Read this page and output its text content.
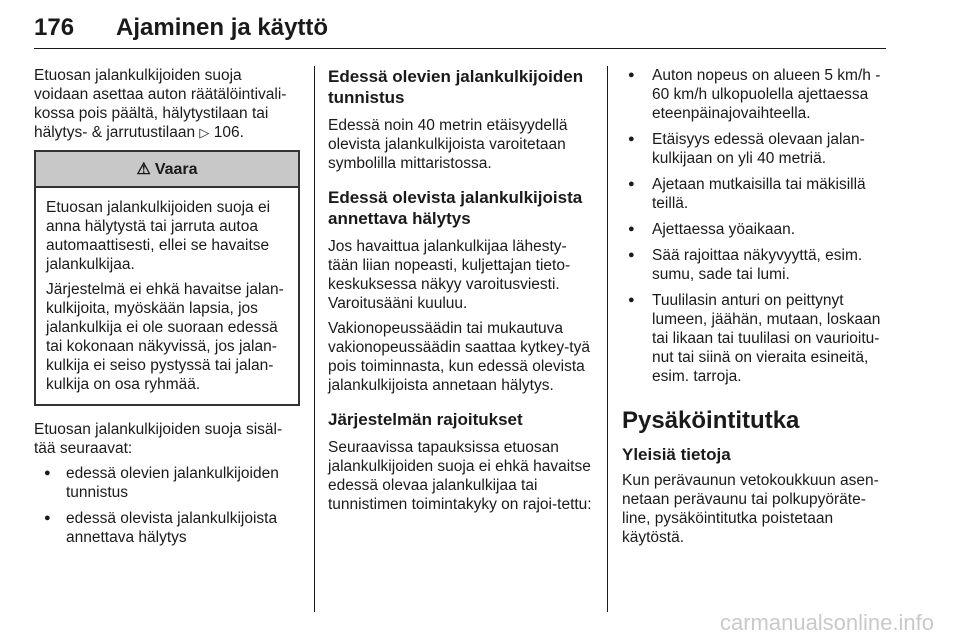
176	Ajaminen ja käyttö

Etuosan jalankulkijoiden suoja voidaan asettaa auton räätälöintivali-kossa pois päältä, hälytystilaan tai hälytys- & jarrutustilaan ▷ 106.

⚠ Vaara

Etuosan jalankulkijoiden suoja ei anna hälytystä tai jarruta autoa automaattisesti, ellei se havaitse jalankulkijaa.

Järjestelmä ei ehkä havaitse jalan-kulkijoita, myöskään lapsia, jos jalankulkija ei ole suoraan edessä tai kokonaan näkyvissä, jos jalan-kulkija ei seiso pystyssä tai jalan-kulkija on osa ryhmää.

Etuosan jalankulkijoiden suoja sisäl-tää seuraavat:

● edessä olevien jalankulkijoiden tunnistus
● edessä olevista jalankulkijoista annettava hälytys
Edessä olevien jalankulkijoiden tunnistus

Edessä noin 40 metrin etäisyydellä olevista jalankulkijoista varoitetaan symbolilla mittaristossa.

Edessä olevista jalankulkijoista annettava hälytys

Jos havaittua jalankulkijaa lähesty-tään liian nopeasti, kuljettajan tieto-keskuksessa näkyy varoitusviesti. Varoitusääni kuuluu.

Vakionopeussäädin tai mukautuva vakionopeussäädin saattaa kytkey-tyä pois toiminnasta, kun edessä olevista jalankulkijoista annetaan hälytys.

Järjestelmän rajoitukset

Seuraavissa tapauksissa etuosan jalankulkijoiden suoja ei ehkä havaitse edessä olevaa jalankulkijaa tai tunnistimen toimintakyky on rajoi-tettu:

● Auton nopeus on alueen 5 km/h - 60 km/h ulkopuolella ajettaessa eteenpäinajovaihteella.
● Etäisyys edessä olevaan jalan-kulkijaan on yli 40 metriä.
● Ajetaan mutkaisilla tai mäkisillä teillä.
● Ajettaessa yöaikaan.
● Sää rajoittaa näkyvyyttä, esim. sumu, sade tai lumi.
● Tuulilasin anturi on peittynyt lumeen, jäähän, mutaan, loskaan tai likaan tai tuulilasi on vaurioitu-nut tai siinä on vieraita esineitä, esim. tarroja.
Pysäköintitutka
Yleisiä tietoja

Kun perävaunun vetokoukkuun asen-netaan perävaunu tai polkupyöräte-line, pysäköintitutka poistetaan käytöstä.

carmanualsonline.info
